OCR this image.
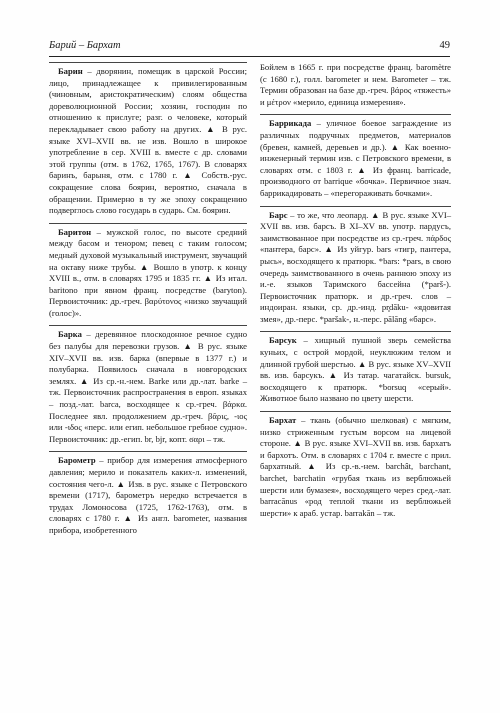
Барий – Бархат	49

Барин – дворянин, помещик в царской России; лицо, принадлежащее к привилегированным (чиновным, аристократическим) слоям общества дореволюционной России; хозяин, господин по отношению к прислуге; разг. о человеке, который перекладывает свою работу на других. ▲ В рус. языке XVI–XVII вв. не изв. Вошло в широкое употребление в сер. XVIII в. вместе с др. словами этой группы (отм. в 1762, 1765, 1767). В словарях баринъ, барыня, отм. с 1780 г. ▲ Собств.-рус. сокращение слова боярин, вероятно, сначала в обращении. Примерно в ту же эпоху сокращению подверглось слово государь в сударь. См. боярин.

Баритон – мужской голос, по высоте средний между басом и тенором; певец с таким голосом; медный духовой музыкальный инструмент, звучащий на октаву ниже трубы. ▲ Вошло в употр. к концу XVIII в., отм. в словарях 1795 и 1835 гг. ▲ Из итал. baritono при явном франц. посредстве (baryton). Первоисточник: др.-греч. βαρύτονος «низко звучащий (голос)».

Барка – деревянное плоскодонное речное судно без палубы для перевозки грузов. ▲ В рус. языке XIV–XVII вв. изв. барка (впервые в 1377 г.) и полубарка. Появилось сначала в новгородских землях. ▲ Из ср.-н.-нем. Barke или др.-лат. barke – тж. Первоисточник распространения в европ. языках – позд.-лат. barca, восходящее к ср.-греч. βάρκα. Последнее явл. продолжением др.-греч. βᾶρις, -ιος или -ιδος «перс. или егип. небольшое гребное судно». Первоисточник: др.-егип. br, bjr, копт. ϭαρι – тж.

Барометр – прибор для измерения атмосферного давления; мерило и показатель каких-л. изменений, состояния чего-л. ▲ Изв. в рус. языке с Петровского времени (1717), барометръ нередко встречается в трудах Ломоносова (1725, 1762-1763), отм. в словарях с 1780 г. ▲ Из англ. barometer, названия прибора, изобретенного

Бойлем в 1665 г. при посредстве франц. baromètre (с 1680 г.), голл. barometer и нем. Barometer – тж. Термин образован на базе др.-греч. βάρος «тяжесть» и μέτρον «мерило, единица измерения».

Баррикада – уличное боевое заграждение из различных подручных предметов, материалов (бревен, камней, деревьев и др.). ▲ Как военно-инженерный термин изв. с Петровского времени, в словарях отм. с 1803 г. ▲ Из франц. barricade, производного от barrique «бочка». Первичное знач. баррикадировать – «перегораживать бочками».

Барс – то же, что леопард. ▲ В рус. языке XVI–XVII вв. изв. барсъ. В XI–XV вв. употр. пардусъ, заимствованное при посредстве из ср.-греч. πάρδος «пантера, барс». ▲ Из уйгур. bars «тигр, пантера, рысь», восходящего к пратюрк. *bars: *pars, в свою очередь заимствованного в очень раннюю эпоху из и.-е. языков Таримского бассейна (*parš-). Первоисточник пратюрк. и др.-греч. слов – индоиран. языки, ср. др.-инд. pr̥dāku- «ядовитая змея», др.-перс. *paršak-, н.-перс. pālāng «барс».

Барсук – хищный пушной зверь семейства куньих, с острой мордой, неуклюжим телом и длинной грубой шерстью. ▲ В рус. языке XV–XVII вв. изв. барсукъ. ▲ Из татар. чагатайск. bursuk, восходящего к пратюрк. *borsuq «серый». Животное было названо по цвету шерсти.

Бархат – ткань (обычно шелковая) с мягким, низко стриженным густым ворсом на лицевой стороне. ▲ В рус. языке XVI–XVII вв. изв. бархатъ и бархотъ. Отм. в словарях с 1704 г. вместе с прил. бархатный. ▲ Из ср.-в.-нем. barchât, barchant, barchet, barchatin «грубая ткань из верблюжьей шерсти или бумазея», восходящего через сред.-лат. barracānus «род теплой ткани из верблюжьей шерсти» к араб. устар. barrakān – тж.
